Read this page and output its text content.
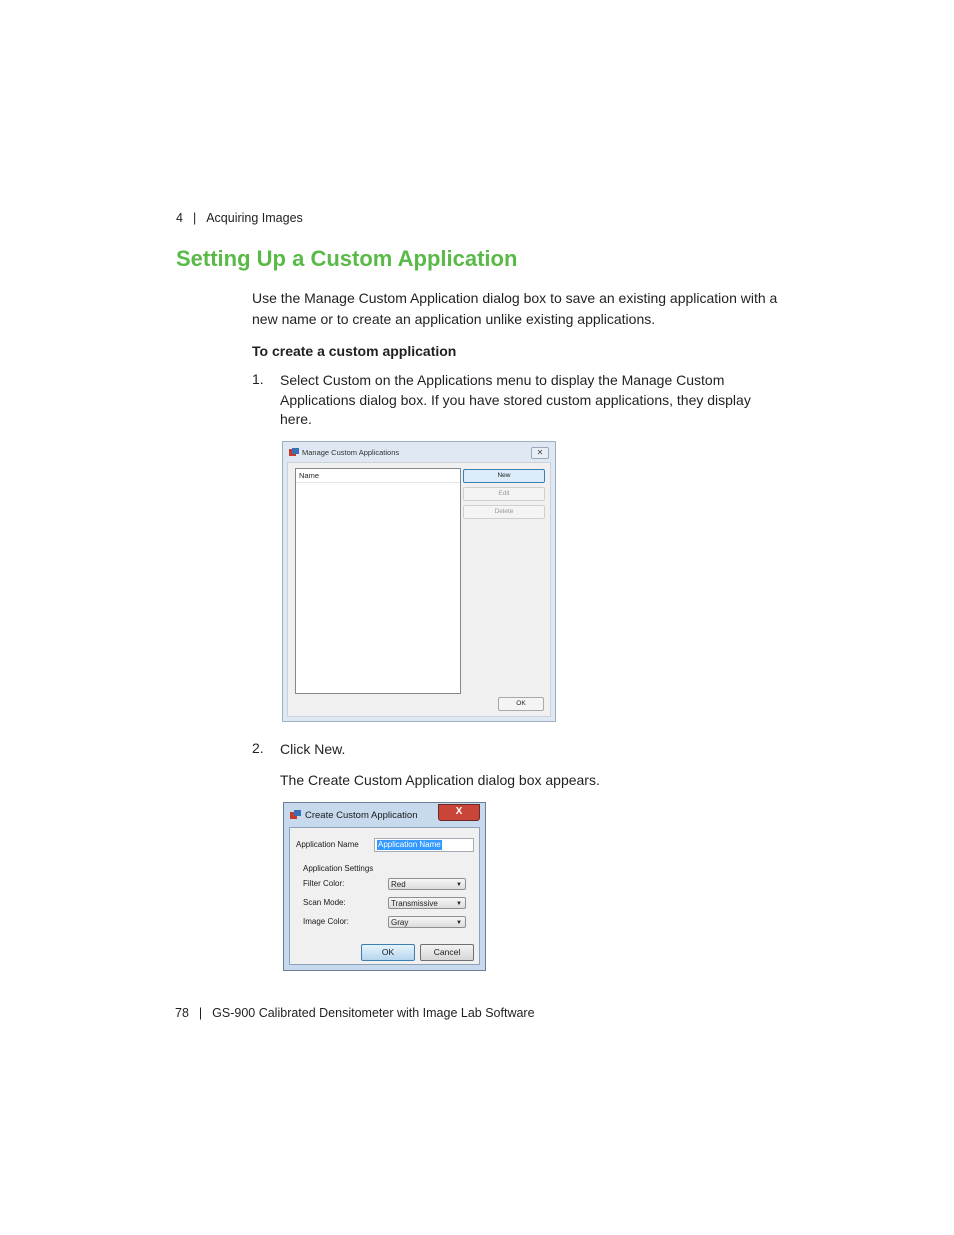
4 | Acquiring Images
Setting Up a Custom Application
Use the Manage Custom Application dialog box to save an existing application with a new name or to create an application unlike existing applications.
To create a custom application
1. Select Custom on the Applications menu to display the Manage Custom Applications dialog box. If you have stored custom applications, they display here.
Manage Custom Applications	✕
Name	New
Edit
Delete
OK
2. Click New.
The Create Custom Application dialog box appears.
Create Custom Application	X
Application Name Application Name
Application Settings
Filter Color:	Red	▼
Scan Mode:	Transmissive	▼
Image Color:	Gray	▼
OK	Cancel
78 | GS-900 Calibrated Densitometer with Image Lab Software
